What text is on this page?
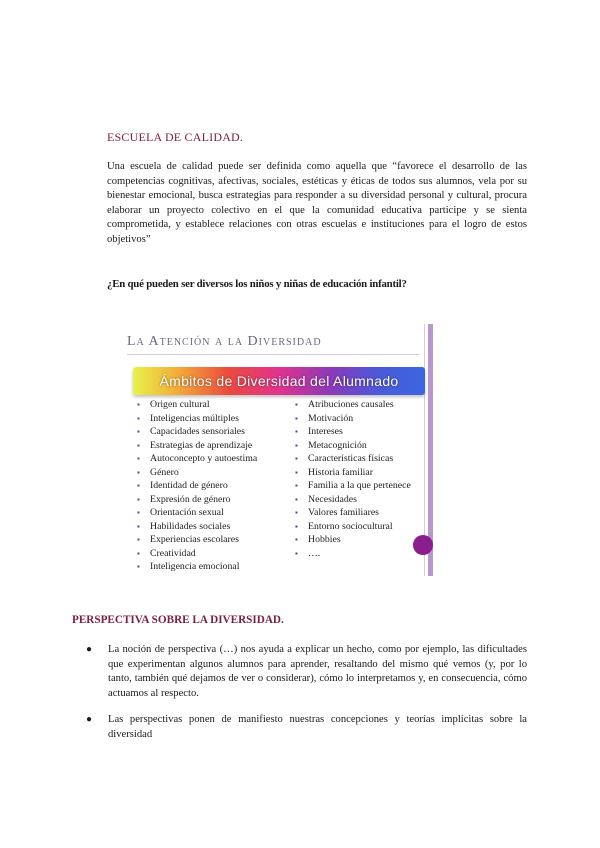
ESCUELA DE CALIDAD.
Una escuela de calidad puede ser definida como aquella que “favorece el desarrollo de las competencias cognitivas, afectivas, sociales, estéticas y éticas de todos sus alumnos, vela por su bienestar emocional, busca estrategias para responder a su diversidad personal y cultural, procura elaborar un proyecto colectivo en el que la comunidad educativa participe y se sienta comprometida, y establece relaciones con otras escuelas e instituciones para el logro de estos objetivos”
¿En qué pueden ser diversos los niños y niñas de educación infantil?
La Atención a la Diversidad
Ámbitos de Diversidad del Alumnado
▪ Origen cultural
▪ Inteligencias múltiples
▪ Capacidades sensoriales
▪ Estrategias de aprendizaje
▪ Autoconcepto y autoestima
▪ Género
▪ Identidad de género
▪ Expresión de género
▪ Orientación sexual
▪ Habilidades sociales
▪ Experiencias escolares
▪ Creatividad
▪ Inteligencia emocional
▪ Atribuciones causales
▪ Motivación
▪ Intereses
▪ Metacognición
▪ Características físicas
▪ Historia familiar
▪ Familia a la que pertenece
▪ Necesidades
▪ Valores familiares
▪ Entorno sociocultural
▪ Hobbies
▪ ….
PERSPECTIVA SOBRE LA DIVERSIDAD.
● La noción de perspectiva (…) nos ayuda a explicar un hecho, como por ejemplo, las dificultades que experimentan algunos alumnos para aprender, resaltando del mismo qué vemos (y, por lo tanto, también qué dejamos de ver o considerar), cómo lo interpretamos y, en consecuencia, cómo actuamos al respecto.
● Las perspectivas ponen de manifiesto nuestras concepciones y teorías implícitas sobre la diversidad
